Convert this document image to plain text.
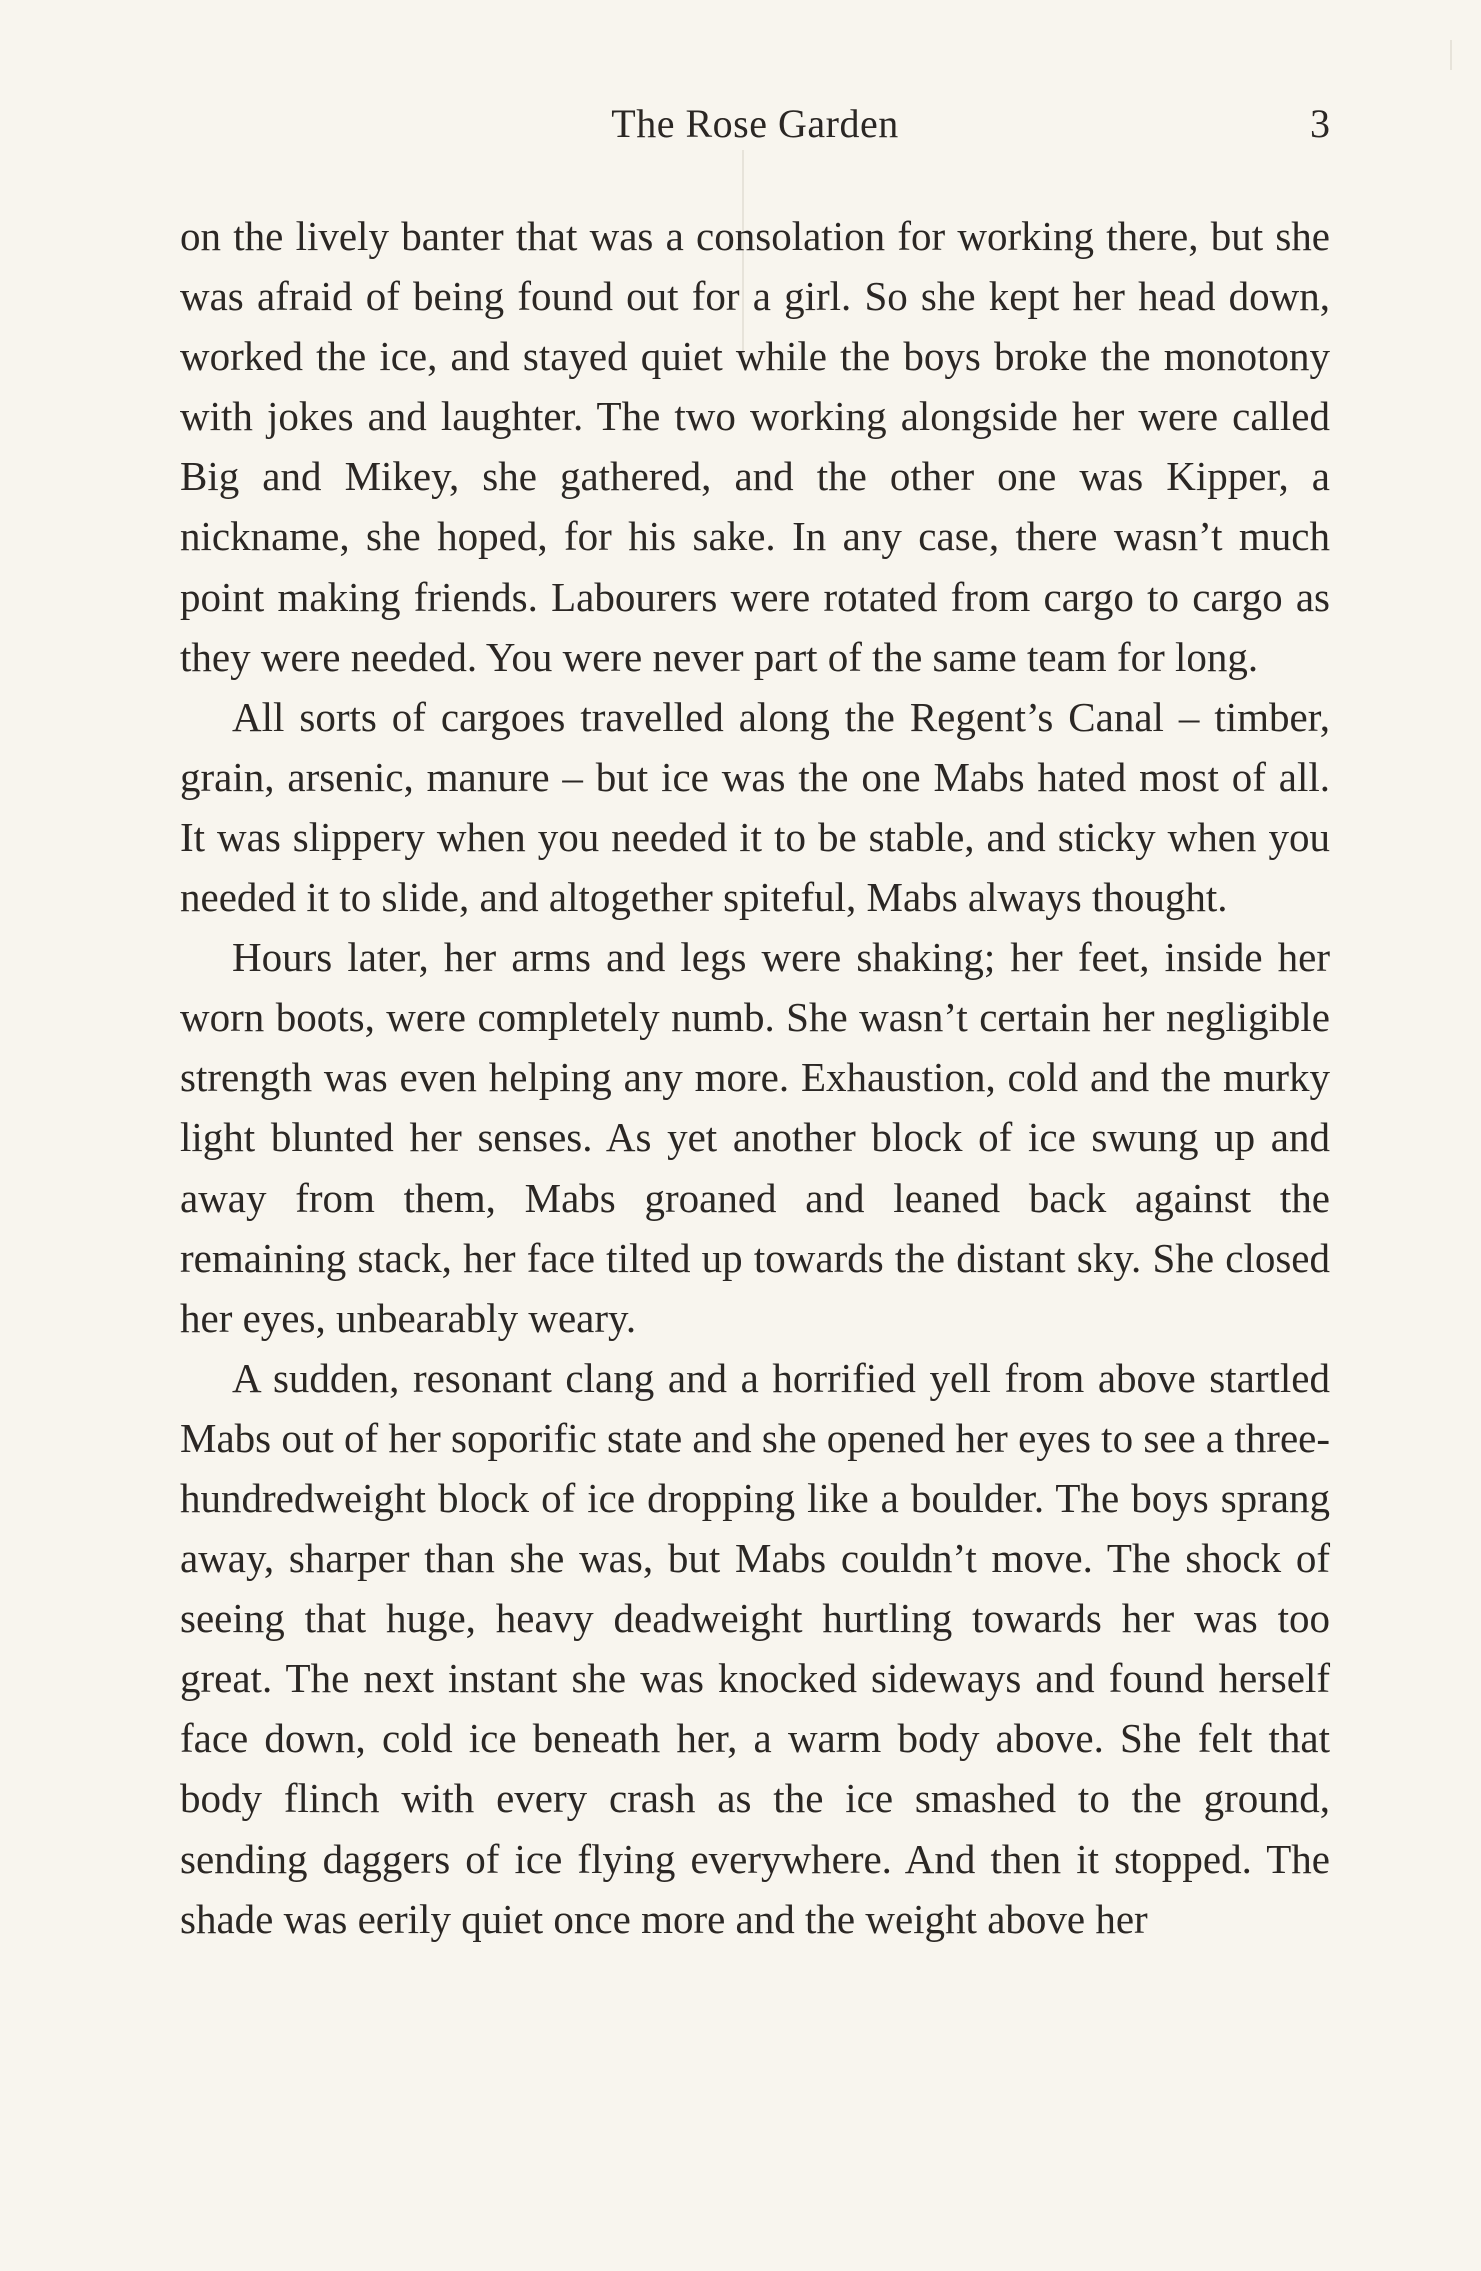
The Rose Garden	3

on the lively banter that was a consolation for working there, but she was afraid of being found out for a girl. So she kept her head down, worked the ice, and stayed quiet while the boys broke the monotony with jokes and laughter. The two working alongside her were called Big and Mikey, she gathered, and the other one was Kipper, a nickname, she hoped, for his sake. In any case, there wasn’t much point making friends. Labourers were rotated from cargo to cargo as they were needed. You were never part of the same team for long.

All sorts of cargoes travelled along the Regent’s Canal – timber, grain, arsenic, manure – but ice was the one Mabs hated most of all. It was slippery when you needed it to be stable, and sticky when you needed it to slide, and altogether spiteful, Mabs always thought.

Hours later, her arms and legs were shaking; her feet, inside her worn boots, were completely numb. She wasn’t certain her negligible strength was even helping any more. Exhaustion, cold and the murky light blunted her senses. As yet another block of ice swung up and away from them, Mabs groaned and leaned back against the remaining stack, her face tilted up towards the distant sky. She closed her eyes, unbearably weary.

A sudden, resonant clang and a horrified yell from above startled Mabs out of her soporific state and she opened her eyes to see a three-hundredweight block of ice dropping like a boulder. The boys sprang away, sharper than she was, but Mabs couldn’t move. The shock of seeing that huge, heavy deadweight hurtling towards her was too great. The next instant she was knocked sideways and found herself face down, cold ice beneath her, a warm body above. She felt that body flinch with every crash as the ice smashed to the ground, sending daggers of ice flying everywhere. And then it stopped. The shade was eerily quiet once more and the weight above her
